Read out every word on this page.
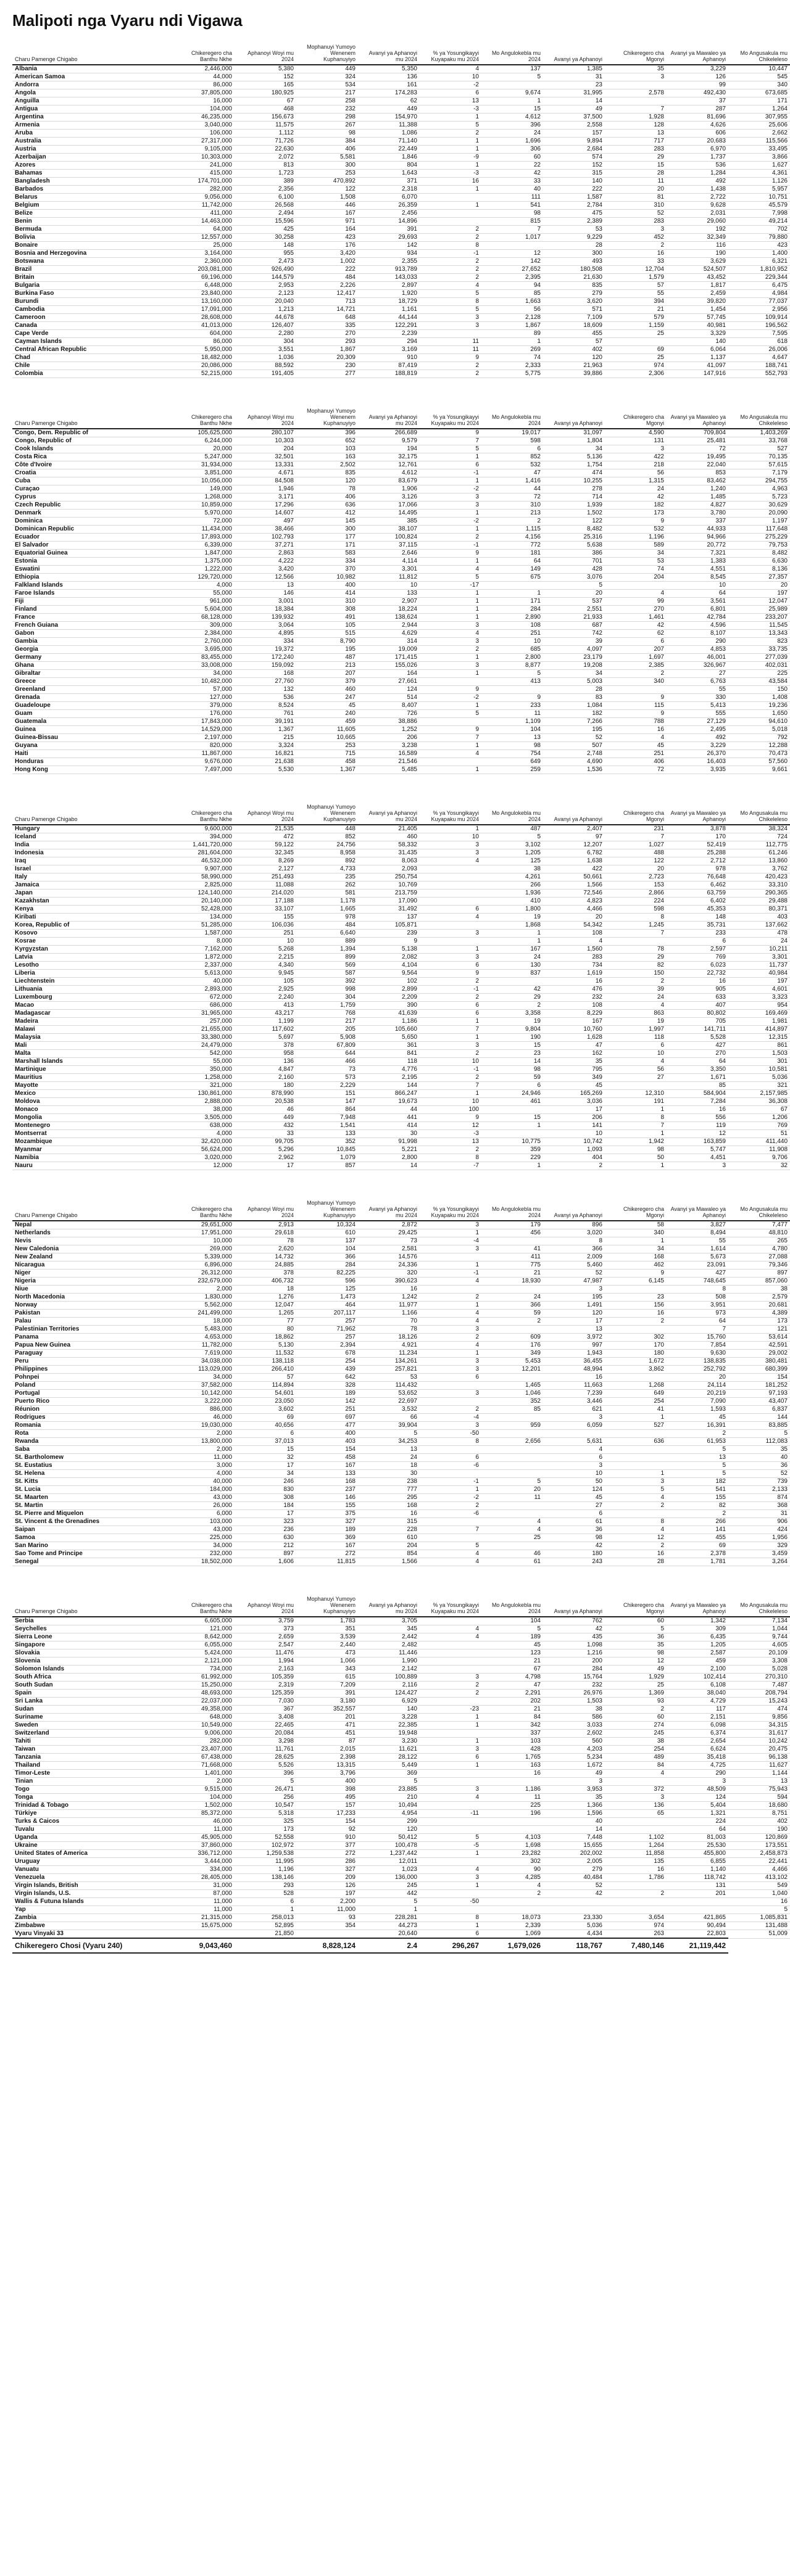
Malipoti nga Vyaru ndi Vigawa
Charu Pamenge Chigabo	Chikeregero cha Banthu Nkhe	Aphanoyi Woyi mu 2024	Mophanuyi Yumoyo Wenenem Kuphanuyiyo	Avanyi ya Aphanoyi mu 2024	% ya Yosungikayyi Kuyapaku mu 2024	Mo Angulokebla mu 2024	Avanyi ya Aphanoyi	Chikeregero cha Mgonyi	Avanyi ya Mawaleo ya Aphanoyi	Mo Angusakula mu Chikeleleso
Albania	2,446,000	5,380	449	5,350	4	137	1,385	35	3,229	10,447
American Samoa	44,000	152	324	136	10	5	31	3	126	545
Andorra	86,000	165	534	161	-2		23		99	340
Angola	37,805,000	180,925	217	174,283	6	9,674	31,995	2,578	492,430	673,685
Anguilla	16,000	67	258	62	13	1	14		37	171
Antigua	104,000	468	232	449	-3	15	49	7	287	1,264
Argentina	46,235,000	156,673	298	154,970	1	4,612	37,500	1,928	81,696	307,955
Armenia	3,040,000	11,575	267	11,388	5	396	2,558	128	4,626	25,606
Aruba	106,000	1,112	98	1,086	2	24	157	13	606	2,662
Australia	27,317,000	71,726	384	71,140	1	1,696	9,894	717	20,683	115,566
Austria	9,105,000	22,630	406	22,449	1	306	2,684	283	6,970	33,495
Azerbaijan	10,303,000	2,072	5,581	1,846	-9	60	574	29	1,737	3,866
Azores	241,000	813	300	804	1	22	152	15	536	1,627
Bahamas	415,000	1,723	253	1,643	-3	42	315	28	1,284	4,361
Bangladesh	174,701,000	389	470,892	371	16	33	140	11	492	1,126
Barbados	282,000	2,356	122	2,318	1	40	222	20	1,438	5,957
Belarus	9,056,000	6,100	1,508	6,070		111	1,587	81	2,722	10,751
Belgium	11,742,000	26,568	446	26,359	1	541	2,784	310	9,628	45,579
Belize	411,000	2,494	167	2,456		98	475	52	2,031	7,998
Benin	14,463,000	15,596	971	14,896		815	2,389	283	29,060	49,214
Bermuda	64,000	425	164	391	2	7	53	3	192	702
Bolivia	12,557,000	30,258	423	29,693	2	1,017	9,229	452	32,349	79,880
Bonaire	25,000	148	176	142	8		28	2	116	423
Bosnia and Herzegovina	3,164,000	955	3,420	934	-1	12	300	16	190	1,400
Botswana	2,360,000	2,473	1,002	2,355	2	142	493	33	3,629	6,321
Brazil	203,081,000	926,490	222	913,789	2	27,652	180,508	12,704	524,507	1,810,952
Britain	69,196,000	144,579	484	143,033	2	2,395	21,630	1,579	43,452	229,344
Bulgaria	6,448,000	2,953	2,226	2,897	4	94	835	57	1,817	6,475
Burkina Faso	23,840,000	2,123	12,417	1,920	5	85	279	55	2,459	4,984
Burundi	13,160,000	20,040	713	18,729	8	1,663	3,620	394	39,820	77,037
Cambodia	17,091,000	1,213	14,721	1,161	5	56	571	21	1,454	2,956
Cameroon	28,608,000	44,678	648	44,144	3	2,128	7,109	579	57,745	109,914
Canada	41,013,000	126,407	335	122,291	3	1,867	18,609	1,159	40,981	196,562
Cape Verde	604,000	2,280	270	2,239		89	455	25	3,329	7,595
Cayman Islands	86,000	304	293	294	11	1	57		140	618
Central African Republic	5,950,000	3,551	1,867	3,169	11	269	402	69	6,064	26,006
Chad	18,482,000	1,036	20,309	910	9	74	120	25	1,137	4,647
Chile	20,086,000	88,592	230	87,419	2	2,333	21,963	974	41,097	188,741
Colombia	52,215,000	191,405	277	188,819	2	5,775	39,886	2,306	147,916	552,793
Charu Pamenge Chigabo	Chikeregero cha Banthu Nkhe	Aphanoyi Woyi mu 2024	Mophanuyi Yumoyo Wenenem Kuphanuyiyo	Avanyi ya Aphanoyi mu 2024	% ya Yosungikayyi Kuyapaku mu 2024	Mo Angulokebla mu 2024	Avanyi ya Aphanoyi	Chikeregero cha Mgonyi	Avanyi ya Mawaleo ya Aphanoyi	Mo Angusakula mu Chikeleleso
Congo, Dem. Republic of	105,625,000	280,107	396	266,689	9	19,017	31,097	4,590	709,804	1,403,269
Congo, Republic of	6,244,000	10,303	652	9,579	7	598	1,804	131	25,481	33,768
Cook Islands	20,000	204	103	194	5	6	34	3	72	527
Costa Rica	5,247,000	32,501	163	32,175	1	852	5,136	422	19,495	70,135
Côte d'Ivoire	31,934,000	13,331	2,502	12,761	6	532	1,754	218	22,040	57,615
Croatia	3,851,000	4,671	835	4,612	-1	47	474	56	853	7,179
Cuba	10,056,000	84,508	120	83,679	1	1,416	10,255	1,315	83,462	294,755
Curaçao	149,000	1,946	78	1,906	-2	44	278	24	1,240	4,963
Cyprus	1,268,000	3,171	406	3,126	3	72	714	42	1,485	5,723
Czech Republic	10,859,000	17,296	636	17,066	3	310	1,939	182	4,827	30,629
Denmark	5,970,000	14,607	412	14,495	1	213	1,502	173	3,780	20,090
Dominica	72,000	497	145	385	-2	2	122	9	337	1,197
Dominican Republic	11,434,000	38,466	300	38,107	1	1,115	8,482	532	44,933	117,648
Ecuador	17,893,000	102,793	177	100,824	2	4,156	25,316	1,196	94,966	275,229
El Salvador	6,339,000	37,271	171	37,115	-1	772	5,638	589	20,772	79,753
Equatorial Guinea	1,847,000	2,863	583	2,646	9	181	386	34	7,321	8,482
Estonia	1,375,000	4,222	334	4,114	1	64	701	53	1,383	6,630
Eswatini	1,222,000	3,420	370	3,301	4	149	428	74	4,551	8,136
Ethiopia	129,720,000	12,566	10,982	11,812	5	675	3,076	204	8,545	27,357
Falkland Islands	4,000	13	400	10	-17		5		10	20
Faroe Islands	55,000	146	414	133	1	1	20	4	64	197
Fiji	961,000	3,001	310	2,907	1	171	537	99	3,561	12,047
Finland	5,604,000	18,384	308	18,224	1	284	2,551	270	6,801	25,989
France	68,128,000	139,932	491	138,624	1	2,890	21,933	1,461	42,784	233,207
French Guiana	309,000	3,064	105	2,944	3	108	687	42	4,596	11,545
Gabon	2,384,000	4,895	515	4,629	4	251	742	62	8,107	13,343
Gambia	2,760,000	334	8,790	314	3	10	39	6	290	823
Georgia	3,695,000	19,372	195	19,009	2	685	4,097	207	4,853	33,735
Germany	83,455,000	172,240	487	171,415	1	2,800	23,179	1,697	46,001	277,039
Ghana	33,008,000	159,092	213	155,026	3	8,877	19,208	2,385	326,967	402,031
Gibraltar	34,000	168	207	164	1	5	34	2	27	225
Greece	10,482,000	27,760	379	27,661		413	5,003	340	6,763	43,584
Greenland	57,000	132	460	124	9		28		55	150
Grenada	127,000	536	247	514	-2	9	83	9	330	1,408
Guadeloupe	379,000	8,524	45	8,407	1	233	1,084	115	5,413	19,236
Guam	176,000	761	240	726	5	11	182	9	555	1,650
Guatemala	17,843,000	39,191	459	38,886		1,109	7,266	788	27,129	94,610
Guinea	14,529,000	1,367	11,605	1,252	9	104	195	16	2,495	5,018
Guinea-Bissau	2,197,000	215	10,665	206	7	13	52	4	492	792
Guyana	820,000	3,324	253	3,238	1	98	507	45	3,229	12,288
Haiti	11,867,000	16,821	715	16,589	4	754	2,748	251	26,370	70,473
Honduras	9,676,000	21,638	458	21,546		649	4,690	406	16,403	57,560
Hong Kong	7,497,000	5,530	1,367	5,485	1	259	1,536	72	3,935	9,661
Charu Pamenge Chigabo	Chikeregero cha Banthu Nkhe	Aphanoyi Woyi mu 2024	Mophanuyi Yumoyo Wenenem Kuphanuyiyo	Avanyi ya Aphanoyi mu 2024	% ya Yosungikayyi Kuyapaku mu 2024	Mo Angulokebla mu 2024	Avanyi ya Aphanoyi	Chikeregero cha Mgonyi	Avanyi ya Mawaleo ya Aphanoyi	Mo Angusakula mu Chikeleleso
Hungary	9,600,000	21,535	448	21,405	1	487	2,407	231	3,878	38,324
Iceland	394,000	472	852	460	10	5	97	7	170	724
India	1,441,720,000	59,122	24,756	58,332	3	3,102	12,207	1,027	52,419	112,775
Indonesia	281,604,000	32,345	8,958	31,435	3	1,205	6,782	488	25,288	61,246
Iraq	46,532,000	8,269	892	8,063	4	125	1,638	122	2,712	13,860
Israel	9,907,000	2,127	4,733	2,093		38	422	20	978	3,762
Italy	58,990,000	251,493	235	250,754		4,261	50,661	2,723	76,648	420,423
Jamaica	2,825,000	11,088	262	10,769		266	1,566	153	6,462	33,310
Japan	124,140,000	214,020	581	213,759		1,936	72,546	2,866	63,759	290,365
Kazakhstan	20,140,000	17,188	1,178	17,090		410	4,823	224	6,402	29,488
Kenya	52,428,000	33,107	1,665	31,492	6	1,800	4,466	598	45,353	80,371
Kiribati	134,000	155	978	137	4	19	20	8	148	403
Korea, Republic of	51,285,000	106,036	484	105,871		1,868	54,342	1,245	35,731	137,662
Kosovo	1,587,000	251	6,640	239	3	1	108	7	233	478
Kosrae	8,000	10	889	9		1	4		6	24
Kyrgyzstan	7,162,000	5,268	1,394	5,138	1	167	1,560	78	2,597	10,211
Latvia	1,872,000	2,215	899	2,082	3	24	283	29	769	3,301
Lesotho	2,337,000	4,340	569	4,104	6	130	734	82	6,023	11,737
Liberia	5,613,000	9,945	587	9,564	9	837	1,619	150	22,732	40,984
Liechtenstein	40,000	105	392	102	2		16	2	16	197
Lithuania	2,893,000	2,925	998	2,899	-1	42	476	39	905	4,601
Luxembourg	672,000	2,240	304	2,209	2	29	232	24	633	3,323
Macao	686,000	413	1,759	390	6	2	108	4	407	954
Madagascar	31,965,000	43,217	768	41,639	6	3,358	8,229	863	80,802	169,469
Madeira	257,000	1,199	217	1,186	1	19	167	19	705	1,981
Malawi	21,655,000	117,602	205	105,660	7	9,804	10,760	1,997	141,711	414,897
Malaysia	33,380,000	5,697	5,908	5,650	1	190	1,628	118	5,528	12,315
Mali	24,479,000	378	67,809	361	3	15	47	6	427	861
Malta	542,000	958	644	841	2	23	162	10	270	1,503
Marshall Islands	55,000	136	466	118	10	14	35	4	64	301
Martinique	350,000	4,847	73	4,776	-1	98	795	56	3,350	10,581
Mauritius	1,258,000	2,160	573	2,195	2	59	349	27	1,671	5,036
Mayotte	321,000	180	2,229	144	7	6	45		85	321
Mexico	130,861,000	878,990	151	866,247	1	24,946	165,269	12,310	584,904	2,157,985
Moldova	2,888,000	20,538	147	19,673	10	461	3,036	191	7,284	36,308
Monaco	38,000	46	864	44	100		17	1	16	67
Mongolia	3,505,000	449	7,948	441	9	15	206	8	556	1,206
Montenegro	638,000	432	1,541	414	12	1	141	7	119	769
Montserrat	4,000	33	133	30	-3		10	1	12	51
Mozambique	32,420,000	99,705	352	91,998	13	10,775	10,742	1,942	163,859	411,440
Myanmar	56,624,000	5,296	10,845	5,221	2	359	1,093	98	5,747	11,908
Namibia	3,020,000	2,962	1,079	2,800	8	229	404	50	4,451	9,706
Nauru	12,000	17	857	14	-7	1	2	1	3	32
Charu Pamenge Chigabo	Chikeregero cha Banthu Nkhe	Aphanoyi Woyi mu 2024	Mophanuyi Yumoyo Wenenem Kuphanuyiyo	Avanyi ya Aphanoyi mu 2024	% ya Yosungikayyi Kuyapaku mu 2024	Mo Angulokebla mu 2024	Avanyi ya Aphanoyi	Chikeregero cha Mgonyi	Avanyi ya Mawaleo ya Aphanoyi	Mo Angusakula mu Chikeleleso
Nepal	29,651,000	2,913	10,324	2,872	3	179	896	58	3,827	7,477
Netherlands	17,951,000	29,618	610	29,425	1	456	3,020	340	8,494	48,810
Nevis	10,000	78	137	73	-4		8	1	55	265
New Caledonia	269,000	2,620	104	2,581	3	41	366	34	1,614	4,780
New Zealand	5,339,000	14,732	366	14,576		411	2,009	168	5,673	27,088
Nicaragua	6,896,000	24,885	284	24,336	1	775	5,460	462	23,091	79,346
Niger	26,312,000	378	82,225	320	-1	21	52	9	427	897
Nigeria	232,679,000	406,732	596	390,623	4	18,930	47,987	6,145	748,645	857,060
Niue	2,000	18	125	16			3		8	38
North Macedonia	1,830,000	1,276	1,473	1,242	2	24	195	23	508	2,579
Norway	5,562,000	12,047	464	11,977	1	366	1,491	156	3,951	20,681
Pakistan	241,499,000	1,265	207,117	1,166	4	59	120	16	973	4,389
Palau	18,000	77	257	70	4	2	17	2	64	173
Palestinian Territories	5,483,000	80	71,962	78	3		13		7	121
Panama	4,653,000	18,862	257	18,126	2	609	3,972	302	15,760	53,614
Papua New Guinea	11,782,000	5,130	2,394	4,921	4	176	997	170	7,854	42,591
Paraguay	7,619,000	11,532	678	11,234	1	349	1,943	180	9,630	29,002
Peru	34,038,000	138,118	254	134,261	3	5,453	36,455	1,672	138,835	380,481
Philippines	113,029,000	266,410	439	257,821	3	12,201	48,994	3,862	252,792	680,399
Pohnpei	34,000	57	642	53	6		16		20	154
Poland	37,582,000	114,894	328	114,432		1,465	11,663	1,268	24,114	181,252
Portugal	10,142,000	54,601	189	53,652	3	1,046	7,239	649	20,219	97,193
Puerto Rico	3,222,000	23,050	142	22,697		352	3,446	254	7,090	43,407
Réunion	886,000	3,602	251	3,532	2	85	621	41	1,593	6,837
Rodrigues	46,000	69	697	66	-4		3	1	45	144
Romania	19,030,000	40,656	477	39,904	3	959	6,059	527	16,391	83,885
Rota	2,000	6	400	5	-50				2	5
Rwanda	13,800,000	37,013	403	34,253	8	2,656	5,631	636	61,953	112,083
Saba	2,000	15	154	13			4		5	35
St. Bartholomew	11,000	32	458	24	6		6		13	40
St. Eustatius	3,000	17	167	18	-6		3		5	36
St. Helena	4,000	34	133	30			10	1	5	52
St. Kitts	40,000	246	168	238	-1	5	50	3	182	739
St. Lucia	184,000	830	237	777	1	20	124	5	541	2,133
St. Maarten	43,000	308	146	295	-2	11	45	4	155	874
St. Martin	26,000	184	155	168	2		27	2	82	368
St. Pierre and Miquelon	6,000	17	375	16	-6		6		2	31
St. Vincent & the Grenadines	103,000	323	327	315		4	61	8	266	906
Saipan	43,000	236	189	228	7	4	36	4	141	424
Samoa	225,000	630	369	610		25	98	12	455	1,956
San Marino	34,000	212	167	204	5		42	2	69	329
Sao Tome and Principe	232,000	897	272	854	4	46	180	16	2,378	3,459
Senegal	18,502,000	1,606	11,815	1,566	4	61	243	28	1,781	3,264
Charu Pamenge Chigabo	Chikeregero cha Banthu Nkhe	Aphanoyi Woyi mu 2024	Mophanuyi Yumoyo Wenenem Kuphanuyiyo	Avanyi ya Aphanoyi mu 2024	% ya Yosungikayyi Kuyapaku mu 2024	Mo Angulokebla mu 2024	Avanyi ya Aphanoyi	Chikeregero cha Mgonyi	Avanyi ya Mawaleo ya Aphanoyi	Mo Angusakula mu Chikeleleso
Serbia	6,605,000	3,759	1,783	3,705		104	762	60	1,342	7,134
Seychelles	121,000	373	351	345	4	5	42	5	309	1,044
Sierra Leone	8,642,000	2,659	3,539	2,442	4	189	435	36	6,435	9,744
Singapore	6,055,000	2,547	2,440	2,482		45	1,098	35	1,205	4,605
Slovakia	5,424,000	11,476	473	11,446		123	1,216	98	2,587	20,109
Slovenia	2,121,000	1,994	1,066	1,990		21	200	12	459	3,308
Solomon Islands	734,000	2,163	343	2,142		67	284	49	2,100	5,028
South Africa	61,992,000	105,359	615	100,889	3	4,798	15,764	1,929	102,414	270,310
South Sudan	15,250,000	2,319	7,209	2,116	2	47	232	25	6,108	7,487
Spain	48,693,000	125,359	391	124,427	2	2,291	26,976	1,369	38,040	208,794
Sri Lanka	22,037,000	7,030	3,180	6,929		202	1,503	93	4,729	15,243
Sudan	49,358,000	367	352,557	140	-23	21	38	2	117	474
Suriname	648,000	3,408	201	3,228	1	84	586	60	2,151	9,856
Sweden	10,549,000	22,465	471	22,385	1	342	3,033	274	6,098	34,315
Switzerland	9,006,000	20,084	451	19,948		337	2,602	245	6,374	31,617
Tahiti	282,000	3,298	87	3,230	1	103	560	38	2,654	10,242
Taiwan	23,407,000	11,761	2,015	11,621	3	428	4,203	254	6,624	20,475
Tanzania	67,438,000	28,625	2,398	28,122	6	1,765	5,234	489	35,418	96,138
Thailand	71,668,000	5,526	13,315	5,449	1	163	1,672	84	4,725	11,627
Timor-Leste	1,401,000	396	3,796	369		16	49	4	290	1,144
Tinian	2,000	5	400	5			3		3	13
Togo	9,515,000	26,471	398	23,885	3	1,186	3,953	372	48,509	75,943
Tonga	104,000	256	495	210	4	11	35	3	124	594
Trinidad & Tobago	1,502,000	10,547	157	10,494		225	1,366	136	5,404	18,680
Türkiye	85,372,000	5,318	17,233	4,954	-11	196	1,596	65	1,321	8,751
Turks & Caicos	46,000	325	154	299			40		224	402
Tuvalu	11,000	173	92	120			14		64	190
Uganda	45,905,000	52,558	910	50,412	5	4,103	7,448	1,102	81,003	120,869
Ukraine	37,860,000	102,972	377	100,478	-5	1,698	15,655	1,264	25,530	173,551
United States of America	336,712,000	1,259,538	272	1,237,442	1	23,282	202,002	11,858	455,800	2,458,873
Uruguay	3,444,000	11,995	286	12,011		302	2,005	135	6,855	22,441
Vanuatu	334,000	1,196	327	1,023	4	90	279	16	1,140	4,466
Venezuela	28,405,000	138,146	209	136,000	3	4,285	40,484	1,786	118,742	413,102
Virgin Islands, British	31,000	293	126	245	1	4	52		131	549
Virgin Islands, U.S.	87,000	528	197	442		2	42	2	201	1,040
Wallis & Futuna Islands	11,000	6	2,200	5	-50					16
Yap	11,000	1	11,000	1						5
Zambia	21,315,000	258,013	93	228,281	8	18,073	23,330	3,654	421,865	1,085,831
Zimbabwe	15,675,000	52,895	354	44,273	1	2,339	5,036	974	90,494	131,488
Vyaru Vinyaki 33		21,850		20,640	6	1,069	4,434	263	22,803	51,009
Chikeregero Chosi (Vyaru 240)	9,043,460		8,828,124	2.4	296,267	1,679,026	118,767	7,480,146	21,119,442	
